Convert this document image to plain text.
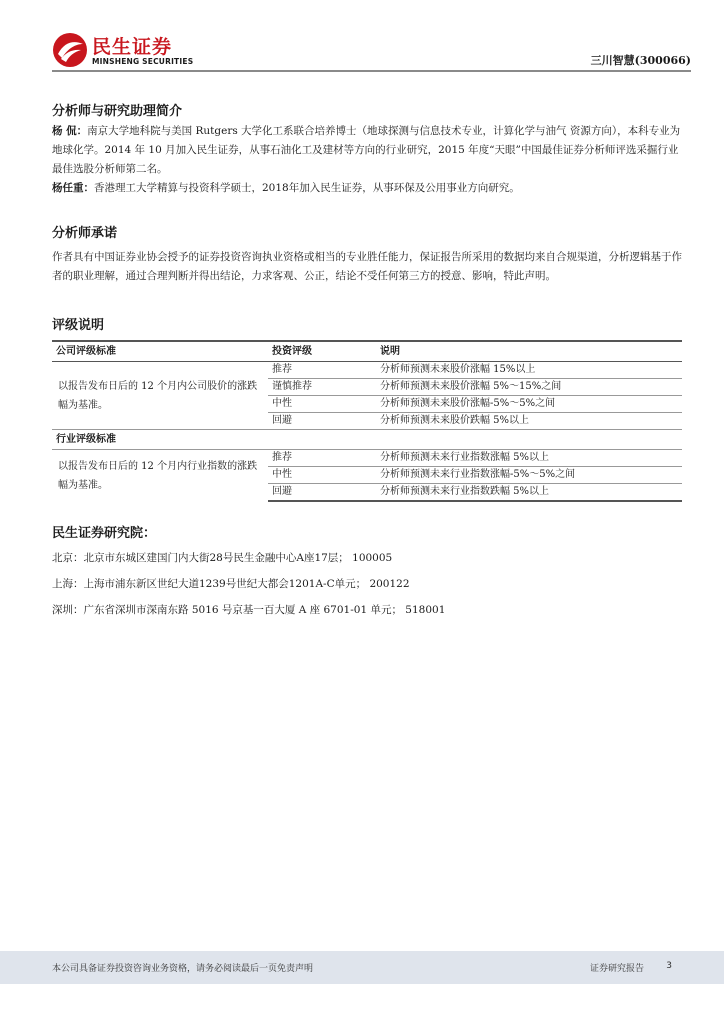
民生证券
MINSHENG SECURITIES	三川智慧(300066)
分析师与研究助理简介

杨 侃：南京大学地科院与美国 Rutgers 大学化工系联合培养博士（地球探测与信息技术专业，计算化学与油气 资源方向），本科专业为地球化学。2014 年 10 月加入民生证券，从事石油化工及建材等方向的行业研究，2015 年度“天眼”中国最佳证券分析师评选采掘行业最佳选股分析师第二名。

杨任重：香港理工大学精算与投资科学硕士，2018年加入民生证券，从事环保及公用事业方向研究。

分析师承诺
作者具有中国证券业协会授予的证券投资咨询执业资格或相当的专业胜任能力，保证报告所采用的数据均来自合规渠道，分析逻辑基于作者的职业理解，通过合理判断并得出结论，力求客观、公正，结论不受任何第三方的授意、影响，特此声明。
评级说明
公司评级标准	投资评级	说明
以报告发布日后的 12 个月内公司股价的涨跌幅为基准。	推荐	分析师预测未来股价涨幅 15%以上
	谨慎推荐	分析师预测未来股价涨幅 5%～15%之间
	中性	分析师预测未来股价涨幅-5%～5%之间
	回避	分析师预测未来股价跌幅 5%以上
行业评级标准		
以报告发布日后的 12 个月内行业指数的涨跌幅为基准。	推荐	分析师预测未来行业指数涨幅 5%以上
	中性	分析师预测未来行业指数涨幅-5%～5%之间
	回避	分析师预测未来行业指数跌幅 5%以上
民生证券研究院：
北京：北京市东城区建国门内大街28号民生金融中心A座17层； 100005
上海：上海市浦东新区世纪大道1239号世纪大都会1201A-C单元； 200122
深圳：广东省深圳市深南东路 5016 号京基一百大厦 A 座 6701-01 单元； 518001
本公司具备证券投资咨询业务资格，请务必阅读最后一页免责声明	证券研究报告 3
